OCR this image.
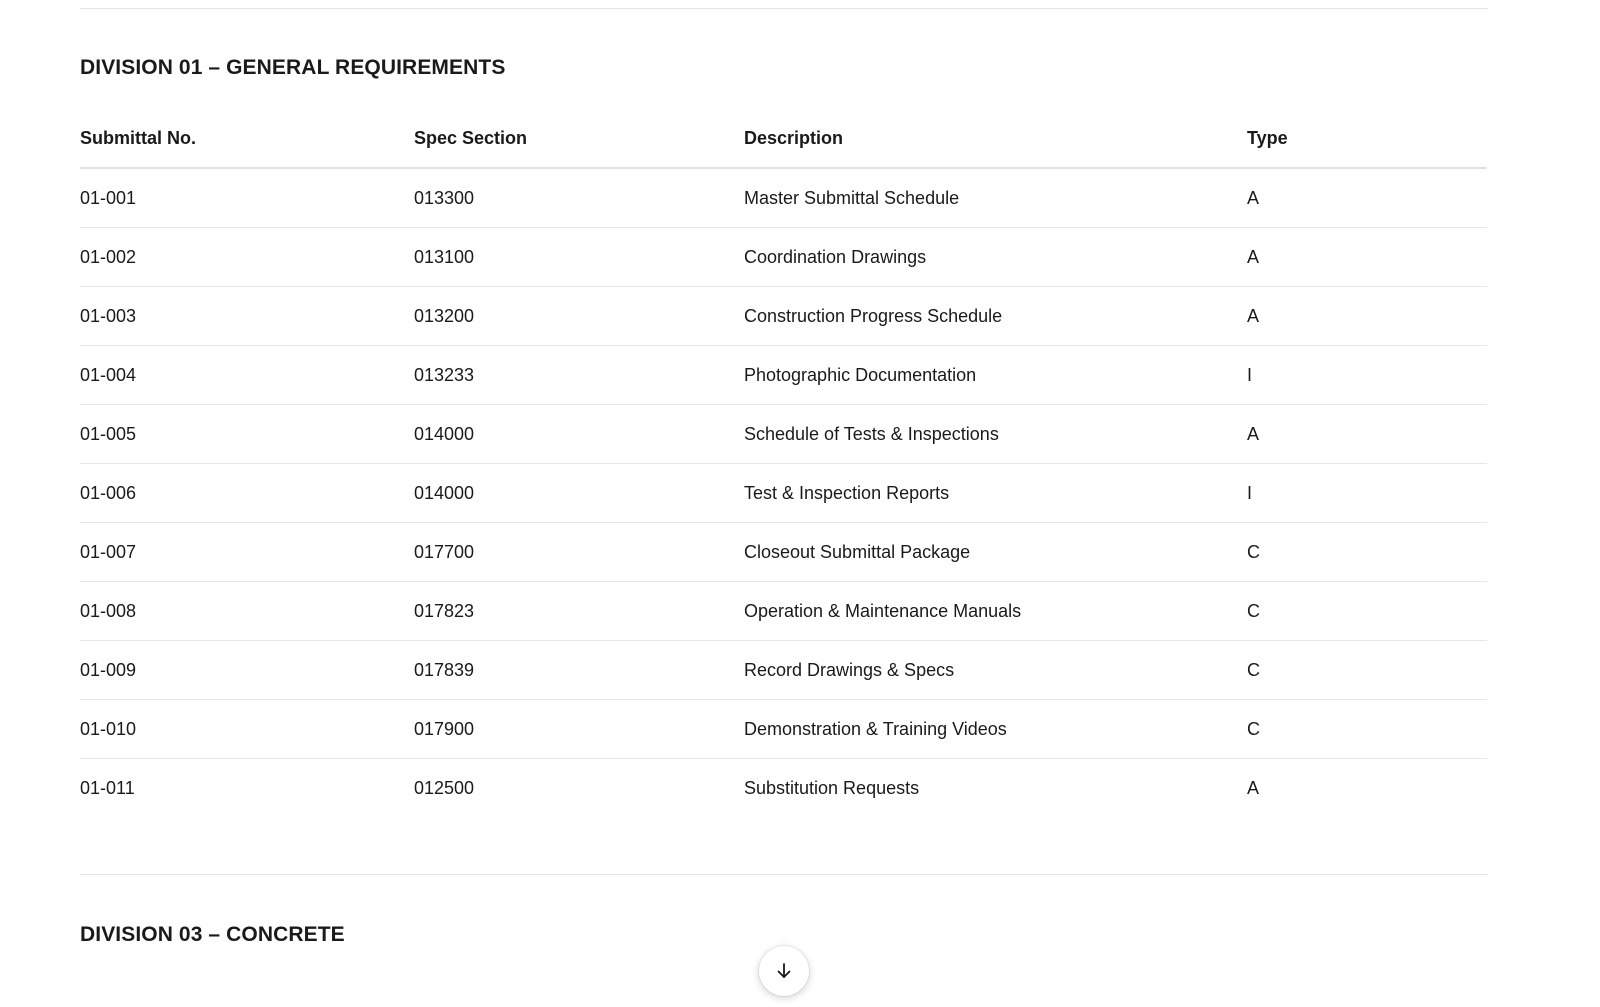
DIVISION 01 – GENERAL REQUIREMENTS
Submittal No.	Spec Section	Description	Type
01-001	013300	Master Submittal Schedule	A
01-002	013100	Coordination Drawings	A
01-003	013200	Construction Progress Schedule	A
01-004	013233	Photographic Documentation	I
01-005	014000	Schedule of Tests & Inspections	A
01-006	014000	Test & Inspection Reports	I
01-007	017700	Closeout Submittal Package	C
01-008	017823	Operation & Maintenance Manuals	C
01-009	017839	Record Drawings & Specs	C
01-010	017900	Demonstration & Training Videos	C
01-011	012500	Substitution Requests	A
DIVISION 03 – CONCRETE
